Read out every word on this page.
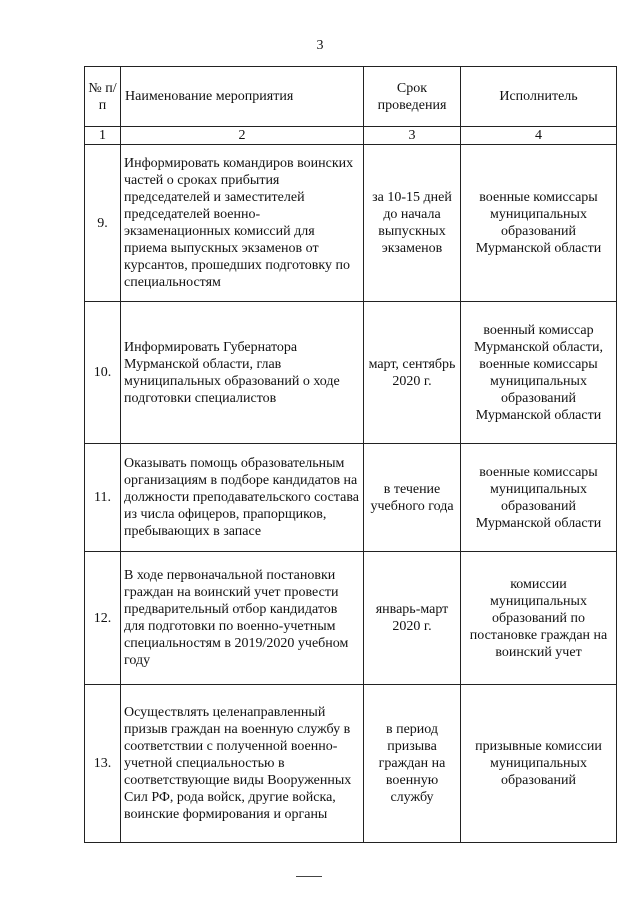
3
№ п/п	Наименование мероприятия	Срок проведения	Исполнитель
1	2	3	4
9.	Информировать командиров воинских частей о сроках прибытия председателей и заместителей председателей военно-экзаменационных комиссий для приема выпускных экзаменов от курсантов, прошедших подготовку по специальностям	за 10-15 дней до начала выпускных экзаменов	военные комиссары муниципальных образований Мурманской области
10.	Информировать Губернатора Мурманской области, глав муниципальных образований о ходе подготовки специалистов	март, сентябрь 2020 г.	военный комиссар Мурманской области, военные комиссары муниципальных образований Мурманской области
11.	Оказывать помощь образовательным организациям в подборе кандидатов на должности преподавательского состава из числа офицеров, прапорщиков, пребывающих в запасе	в течение учебного года	военные комиссары муниципальных образований Мурманской области
12.	В ходе первоначальной постановки граждан на воинский учет провести предварительный отбор кандидатов для подготовки по военно-учетным специальностям в 2019/2020 учебном году	январь-март 2020 г.	комиссии муниципальных образований по постановке граждан на воинский учет
13.	Осуществлять целенаправленный призыв граждан на военную службу в соответствии с полученной военно-учетной специальностью в соответствующие виды Вооруженных Сил РФ, рода войск, другие войска, воинские формирования и органы	в период призыва граждан на военную службу	призывные комиссии муниципальных образований
